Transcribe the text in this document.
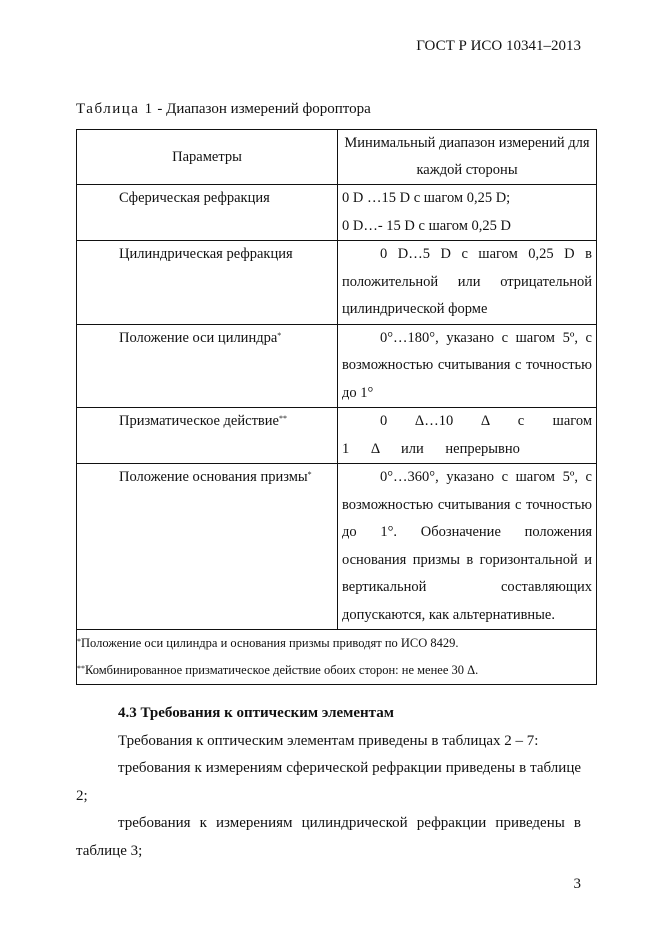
ГОСТ Р ИСО 10341–2013
Таблица 1 - Диапазон измерений фороптора
Параметры	Минимальный диапазон измерений для каждой стороны

Сферическая рефракция	0 D …15 D с шагом 0,25 D;
0 D…- 15 D с шагом 0,25 D

Цилиндрическая рефракция	0 D…5 D с шагом 0,25 D в положительной или отрицательной цилиндрической форме

Положение оси цилиндра*	0°…180°, указано с шагом 5º, с возможностью считывания с точностью до 1°

Призматическое действие**	0 Δ…10 Δ с шагом 1 Δ или непрерывно

Положение основания призмы*	0°…360°, указано с шагом 5º, с возможностью считывания с точностью до 1°. Обозначение положения основания призмы в горизонтальной и вертикальной составляющих допускаются, как альтернативные.

*Положение оси цилиндра и основания призмы приводят по ИСО 8429.
**Комбинированное призматическое действие обоих сторон: не менее 30 Δ.	

4.3 Требования к оптическим элементам

Требования к оптическим элементам приведены в таблицах 2 – 7:

требования к измерениям сферической рефракции приведены в таблице 2;

требования к измерениям цилиндрической рефракции приведены в таблице 3;

3
